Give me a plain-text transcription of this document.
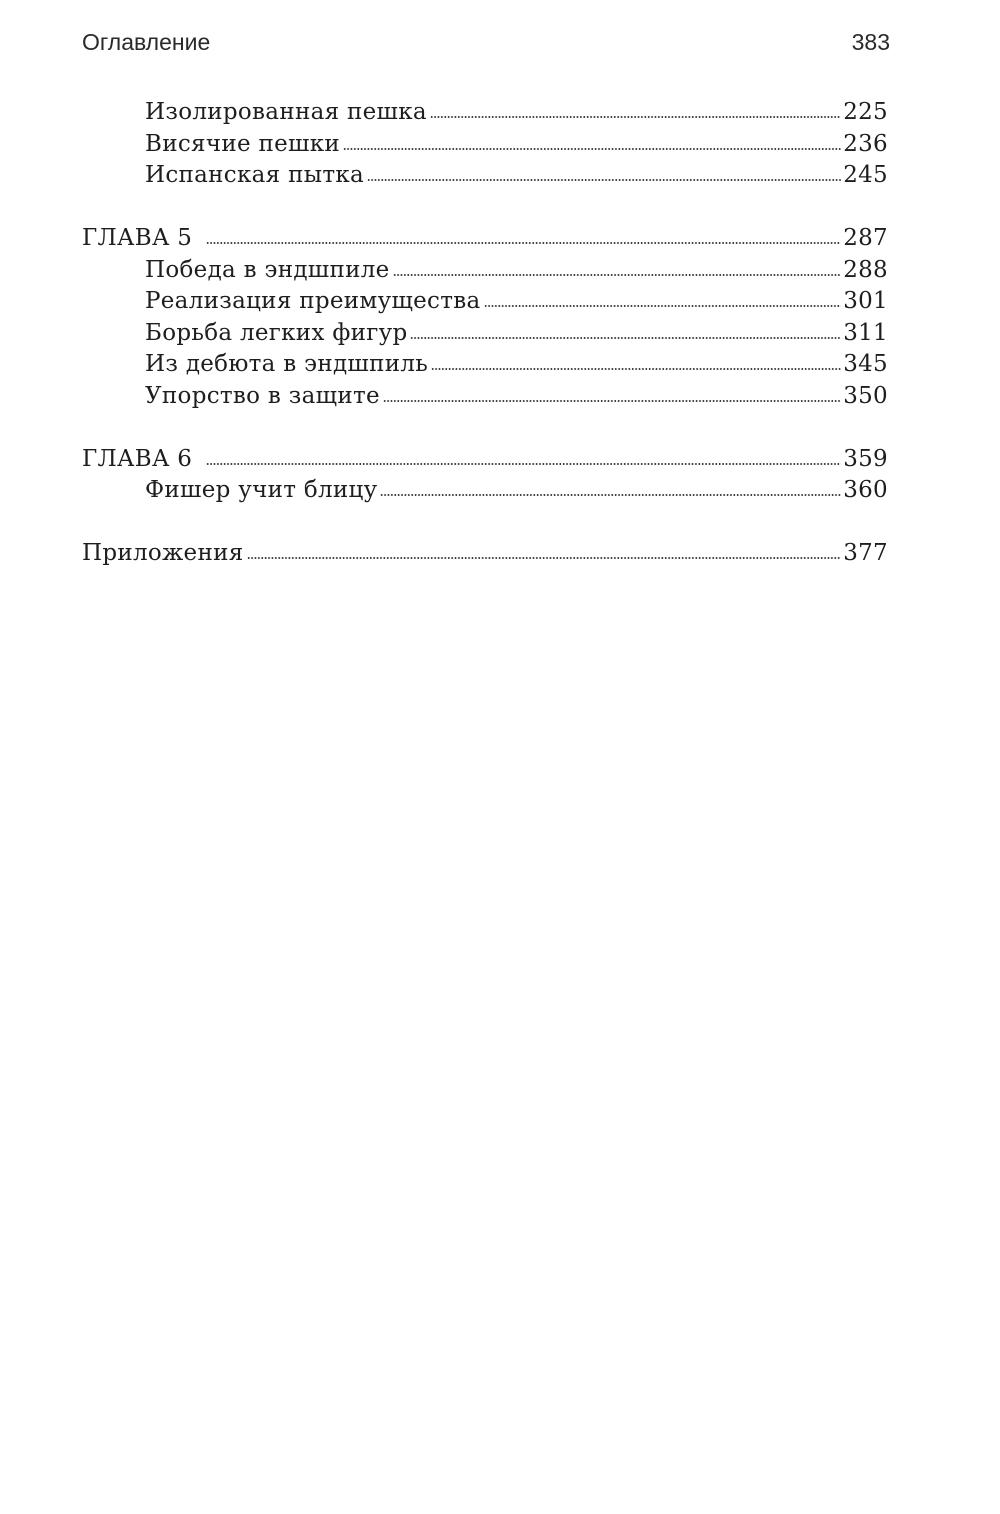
Оглавление	383
Изолированная пешка	225
Висячие пешки	236
Испанская пытка	245
ГЛАВА 5	287
Победа в эндшпиле	288
Реализация преимущества	301
Борьба легких фигур	311
Из дебюта в эндшпиль	345
Упорство в защите	350
ГЛАВА 6	359
Фишер учит блицу	360
Приложения	377
